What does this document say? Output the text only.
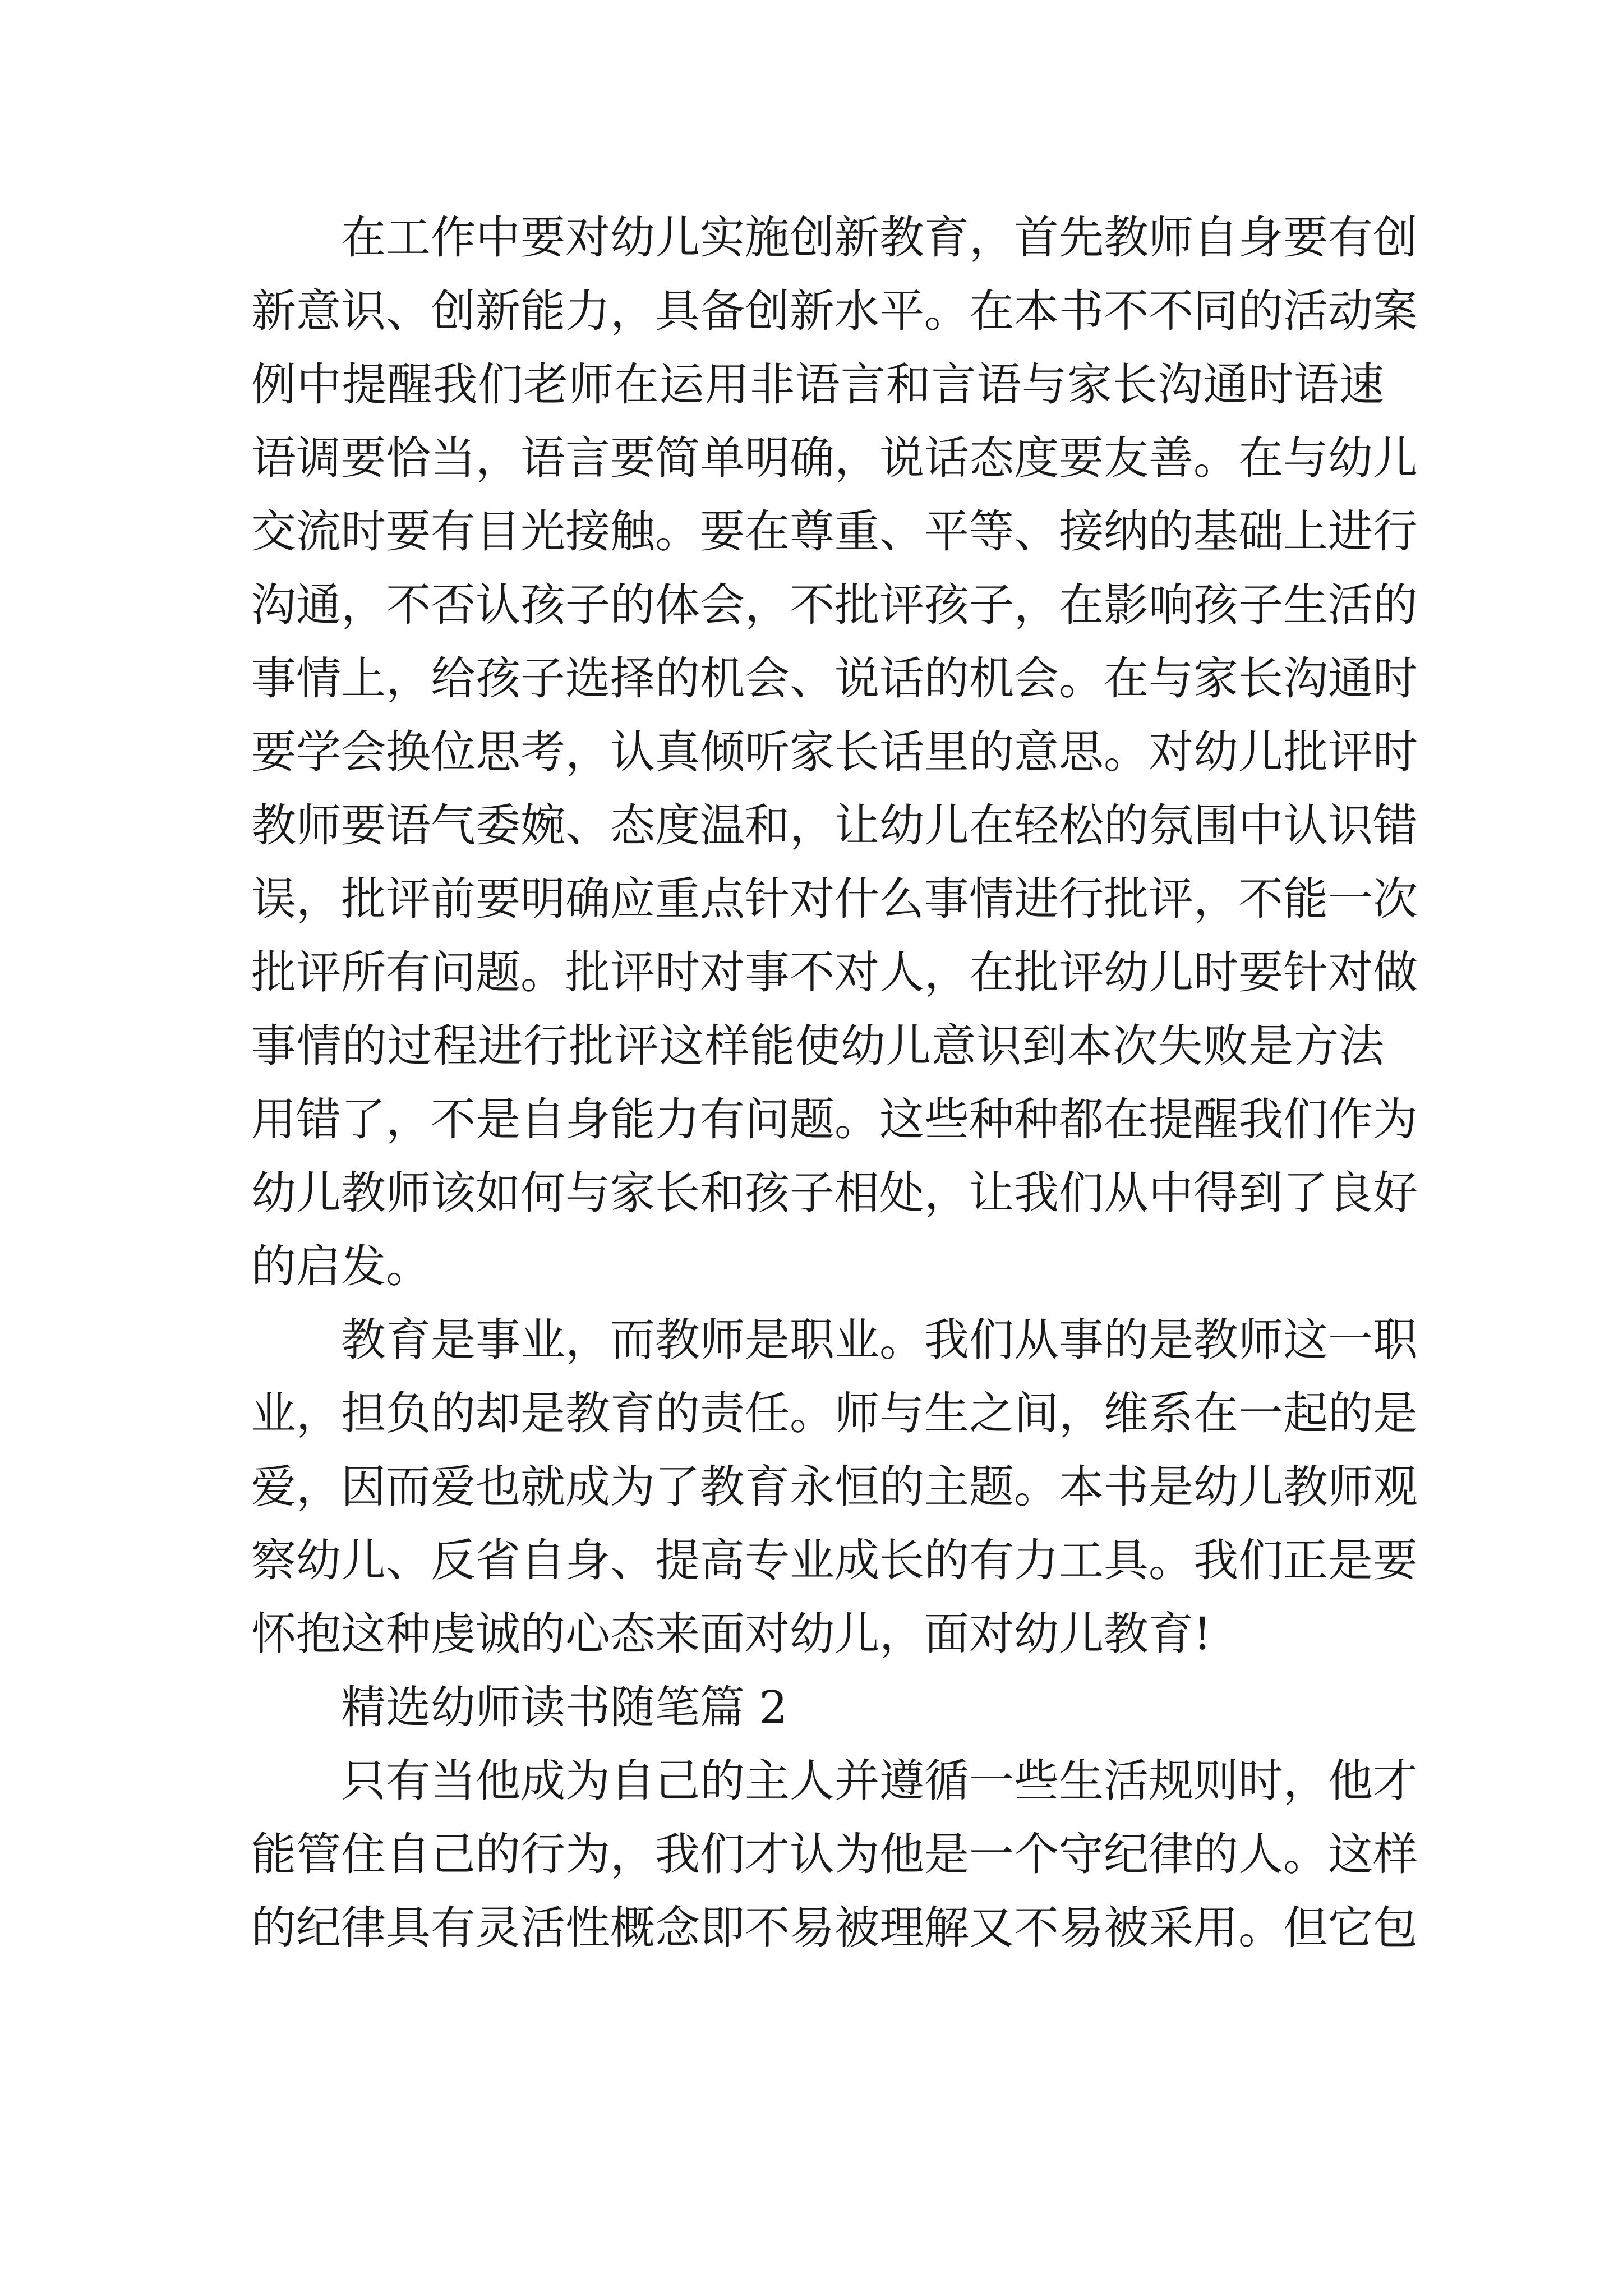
在工作中要对幼儿实施创新教育，首先教师自身要有创
新意识、创新能力，具备创新水平。在本书不不同的活动案
例中提醒我们老师在运用非语言和言语与家长沟通时语速
语调要恰当，语言要简单明确，说话态度要友善。在与幼儿
交流时要有目光接触。要在尊重、平等、接纳的基础上进行
沟通，不否认孩子的体会，不批评孩子，在影响孩子生活的
事情上，给孩子选择的机会、说话的机会。在与家长沟通时
要学会换位思考，认真倾听家长话里的意思。对幼儿批评时
教师要语气委婉、态度温和，让幼儿在轻松的氛围中认识错
误，批评前要明确应重点针对什么事情进行批评，不能一次
批评所有问题。批评时对事不对人，在批评幼儿时要针对做
事情的过程进行批评这样能使幼儿意识到本次失败是方法
用错了，不是自身能力有问题。这些种种都在提醒我们作为
幼儿教师该如何与家长和孩子相处，让我们从中得到了良好
的启发。
教育是事业，而教师是职业。我们从事的是教师这一职
业，担负的却是教育的责任。师与生之间，维系在一起的是
爱，因而爱也就成为了教育永恒的主题。本书是幼儿教师观
察幼儿、反省自身、提高专业成长的有力工具。我们正是要
怀抱这种虔诚的心态来面对幼儿，面对幼儿教育!
精选幼师读书随笔篇 2
只有当他成为自己的主人并遵循一些生活规则时，他才
能管住自己的行为，我们才认为他是一个守纪律的人。这样
的纪律具有灵活性概念即不易被理解又不易被采用。但它包
